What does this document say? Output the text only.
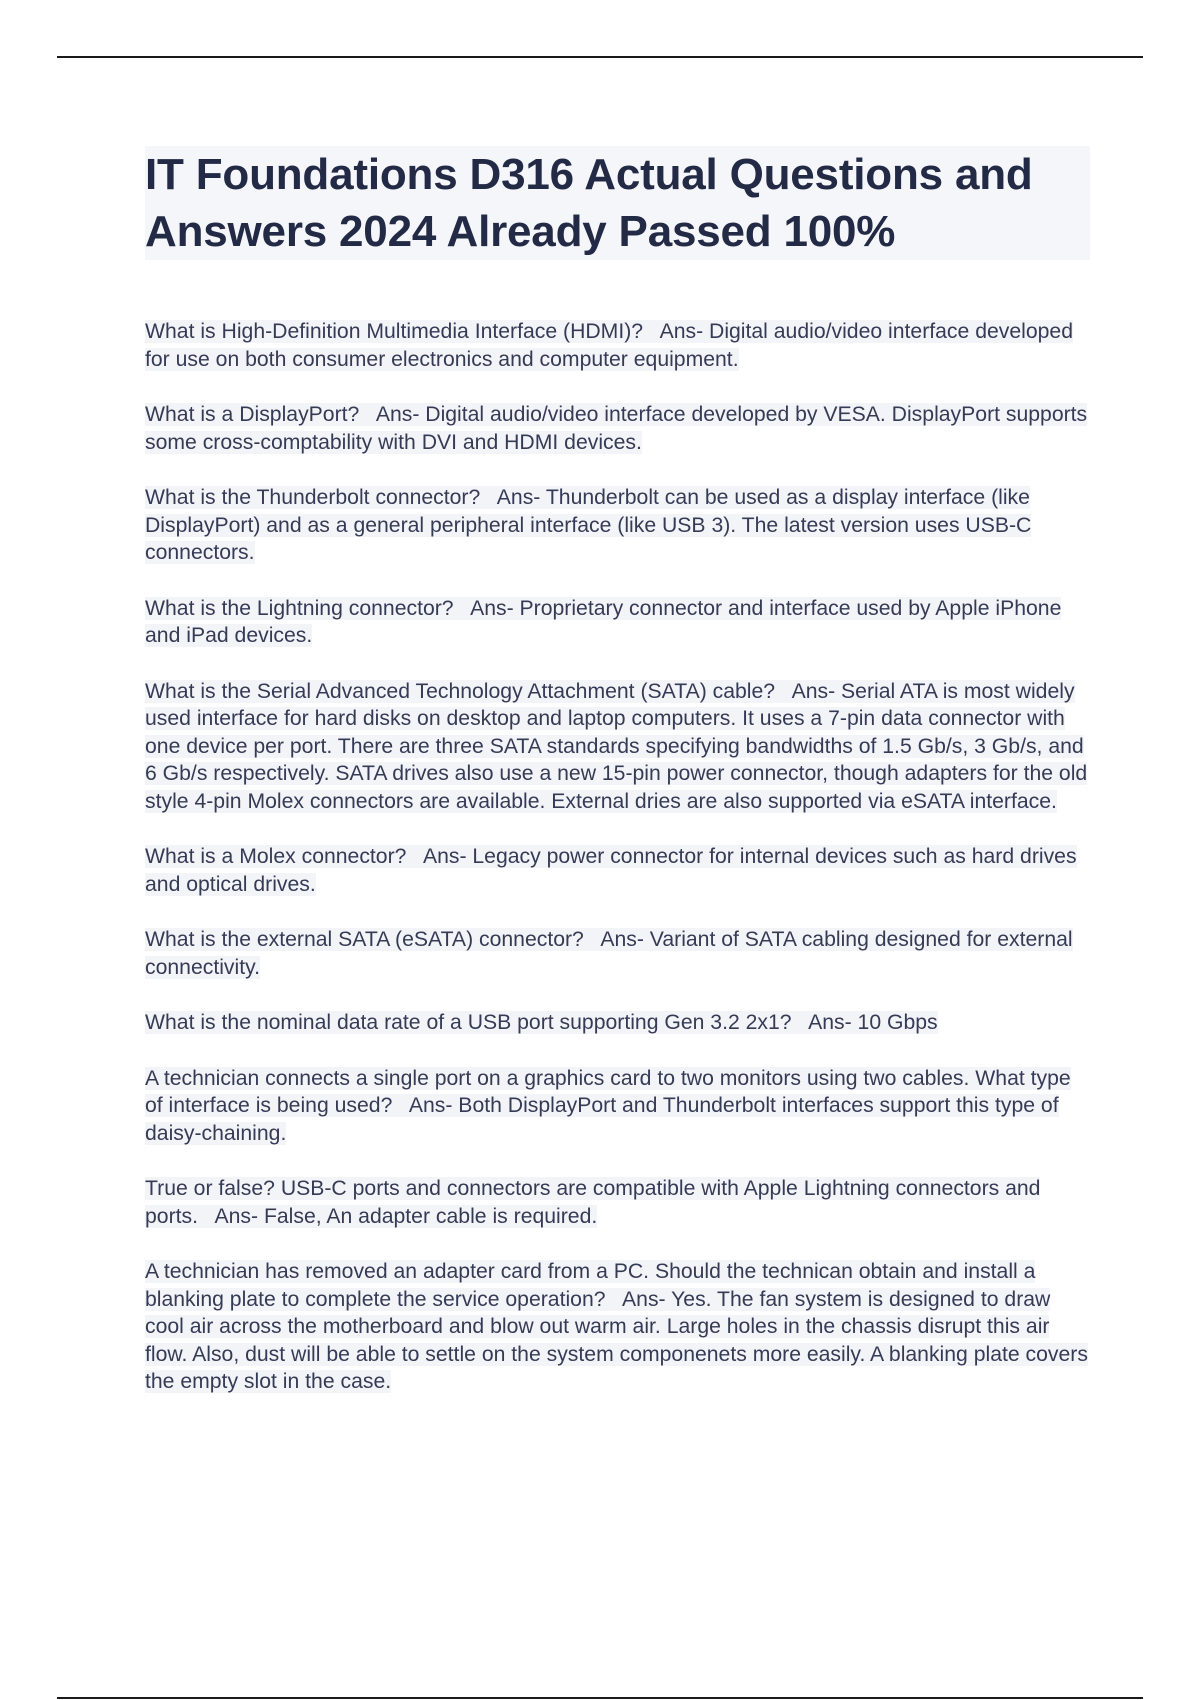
IT Foundations D316 Actual Questions and Answers 2024 Already Passed 100%

What is High-Definition Multimedia Interface (HDMI)? Ans- Digital audio/video interface developed for use on both consumer electronics and computer equipment.

What is a DisplayPort? Ans- Digital audio/video interface developed by VESA. DisplayPort supports some cross-comptability with DVI and HDMI devices.

What is the Thunderbolt connector? Ans- Thunderbolt can be used as a display interface (like DisplayPort) and as a general peripheral interface (like USB 3). The latest version uses USB-C connectors.

What is the Lightning connector? Ans- Proprietary connector and interface used by Apple iPhone and iPad devices.

What is the Serial Advanced Technology Attachment (SATA) cable? Ans- Serial ATA is most widely used interface for hard disks on desktop and laptop computers. It uses a 7-pin data connector with one device per port. There are three SATA standards specifying bandwidths of 1.5 Gb/s, 3 Gb/s, and 6 Gb/s respectively. SATA drives also use a new 15-pin power connector, though adapters for the old style 4-pin Molex connectors are available. External dries are also supported via eSATA interface.

What is a Molex connector? Ans- Legacy power connector for internal devices such as hard drives and optical drives.

What is the external SATA (eSATA) connector? Ans- Variant of SATA cabling designed for external connectivity.

What is the nominal data rate of a USB port supporting Gen 3.2 2x1? Ans- 10 Gbps

A technician connects a single port on a graphics card to two monitors using two cables. What type of interface is being used? Ans- Both DisplayPort and Thunderbolt interfaces support this type of daisy-chaining.

True or false? USB-C ports and connectors are compatible with Apple Lightning connectors and ports. Ans- False, An adapter cable is required.

A technician has removed an adapter card from a PC. Should the technican obtain and install a blanking plate to complete the service operation? Ans- Yes. The fan system is designed to draw cool air across the motherboard and blow out warm air. Large holes in the chassis disrupt this air flow. Also, dust will be able to settle on the system componenets more easily. A blanking plate covers the empty slot in the case.
